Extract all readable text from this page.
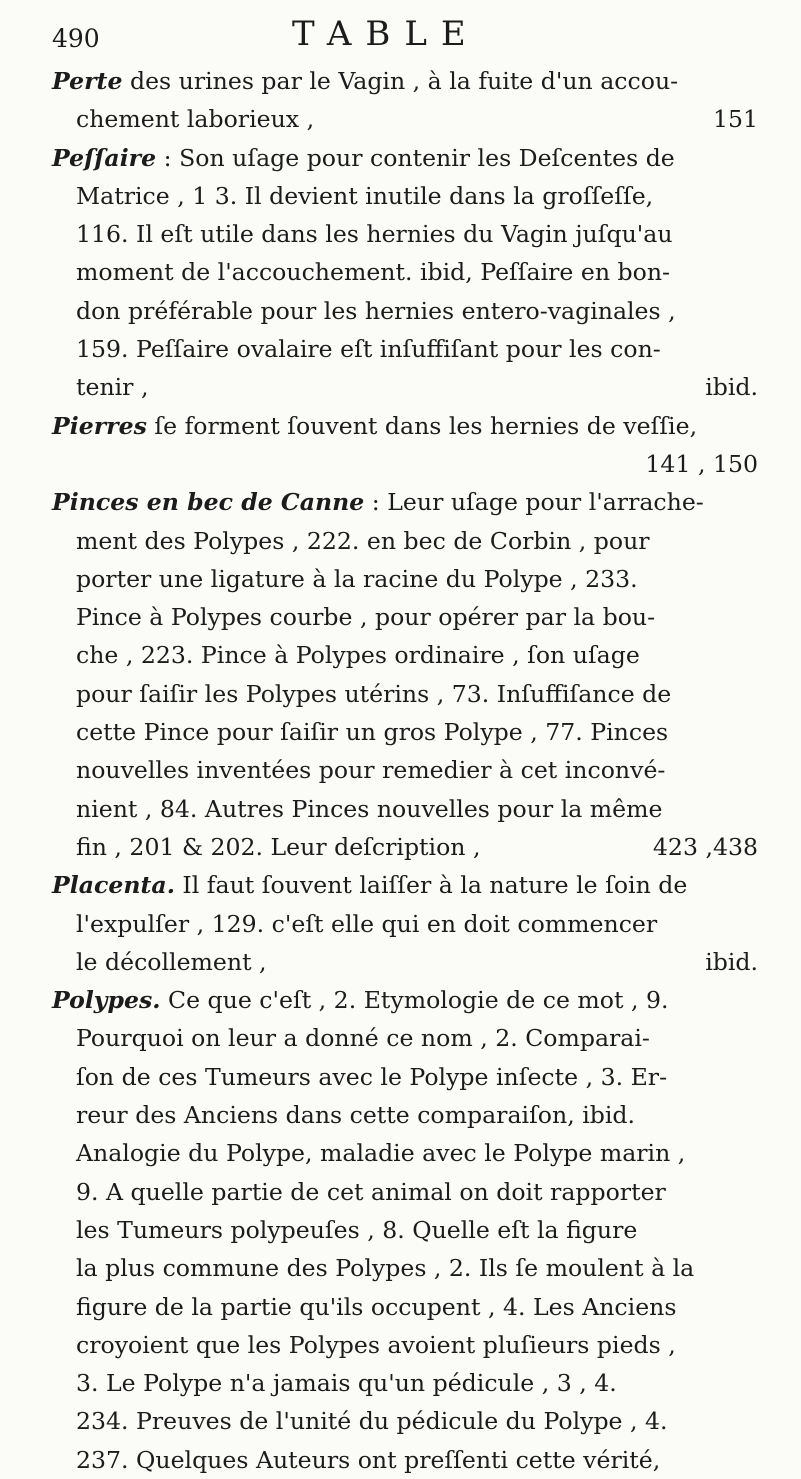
490	TABLE
Perte des urines par le Vagin , à la fuite d'un accou-
chement laborieux ,	151
Peſſaire : Son uſage pour contenir les Deſcentes de
Matrice , 1 3. Il devient inutile dans la groſſeſſe,
116. Il eſt utile dans les hernies du Vagin juſqu'au
moment de l'accouchement. ibid, Peſſaire en bon-
don préférable pour les hernies entero-vaginales ,
159. Peſſaire ovalaire eſt inſuffiſant pour les con-
tenir ,	ibid.
Pierres ſe forment ſouvent dans les hernies de veſſie,
141 , 150
Pinces en bec de Canne : Leur uſage pour l'arrache-
ment des Polypes , 222. en bec de Corbin , pour
porter une ligature à la racine du Polype , 233.
Pince à Polypes courbe , pour opérer par la bou-
che , 223. Pince à Polypes ordinaire , ſon uſage
pour ſaiſir les Polypes utérins , 73. Inſuffiſance de
cette Pince pour ſaiſir un gros Polype , 77. Pinces
nouvelles inventées pour remedier à cet inconvé-
nient , 84. Autres Pinces nouvelles pour la même
fin , 201 & 202. Leur deſcription ,	423 ,438
Placenta. Il faut ſouvent laiſſer à la nature le ſoin de
l'expulſer , 129. c'eſt elle qui en doit commencer
le décollement ,	ibid.
Polypes. Ce que c'eſt , 2. Etymologie de ce mot , 9.
Pourquoi on leur a donné ce nom , 2. Comparai-
ſon de ces Tumeurs avec le Polype inſecte , 3. Er-
reur des Anciens dans cette comparaiſon, ibid.
Analogie du Polype, maladie avec le Polype marin ,
9. A quelle partie de cet animal on doit rapporter
les Tumeurs polypeuſes , 8. Quelle eſt la figure
la plus commune des Polypes , 2. Ils ſe moulent à la
figure de la partie qu'ils occupent , 4. Les Anciens
croyoient que les Polypes avoient pluſieurs pieds ,
3. Le Polype n'a jamais qu'un pédicule , 3 , 4.
234. Preuves de l'unité du pédicule du Polype , 4.
237. Quelques Auteurs ont preſſenti cette vérité,
